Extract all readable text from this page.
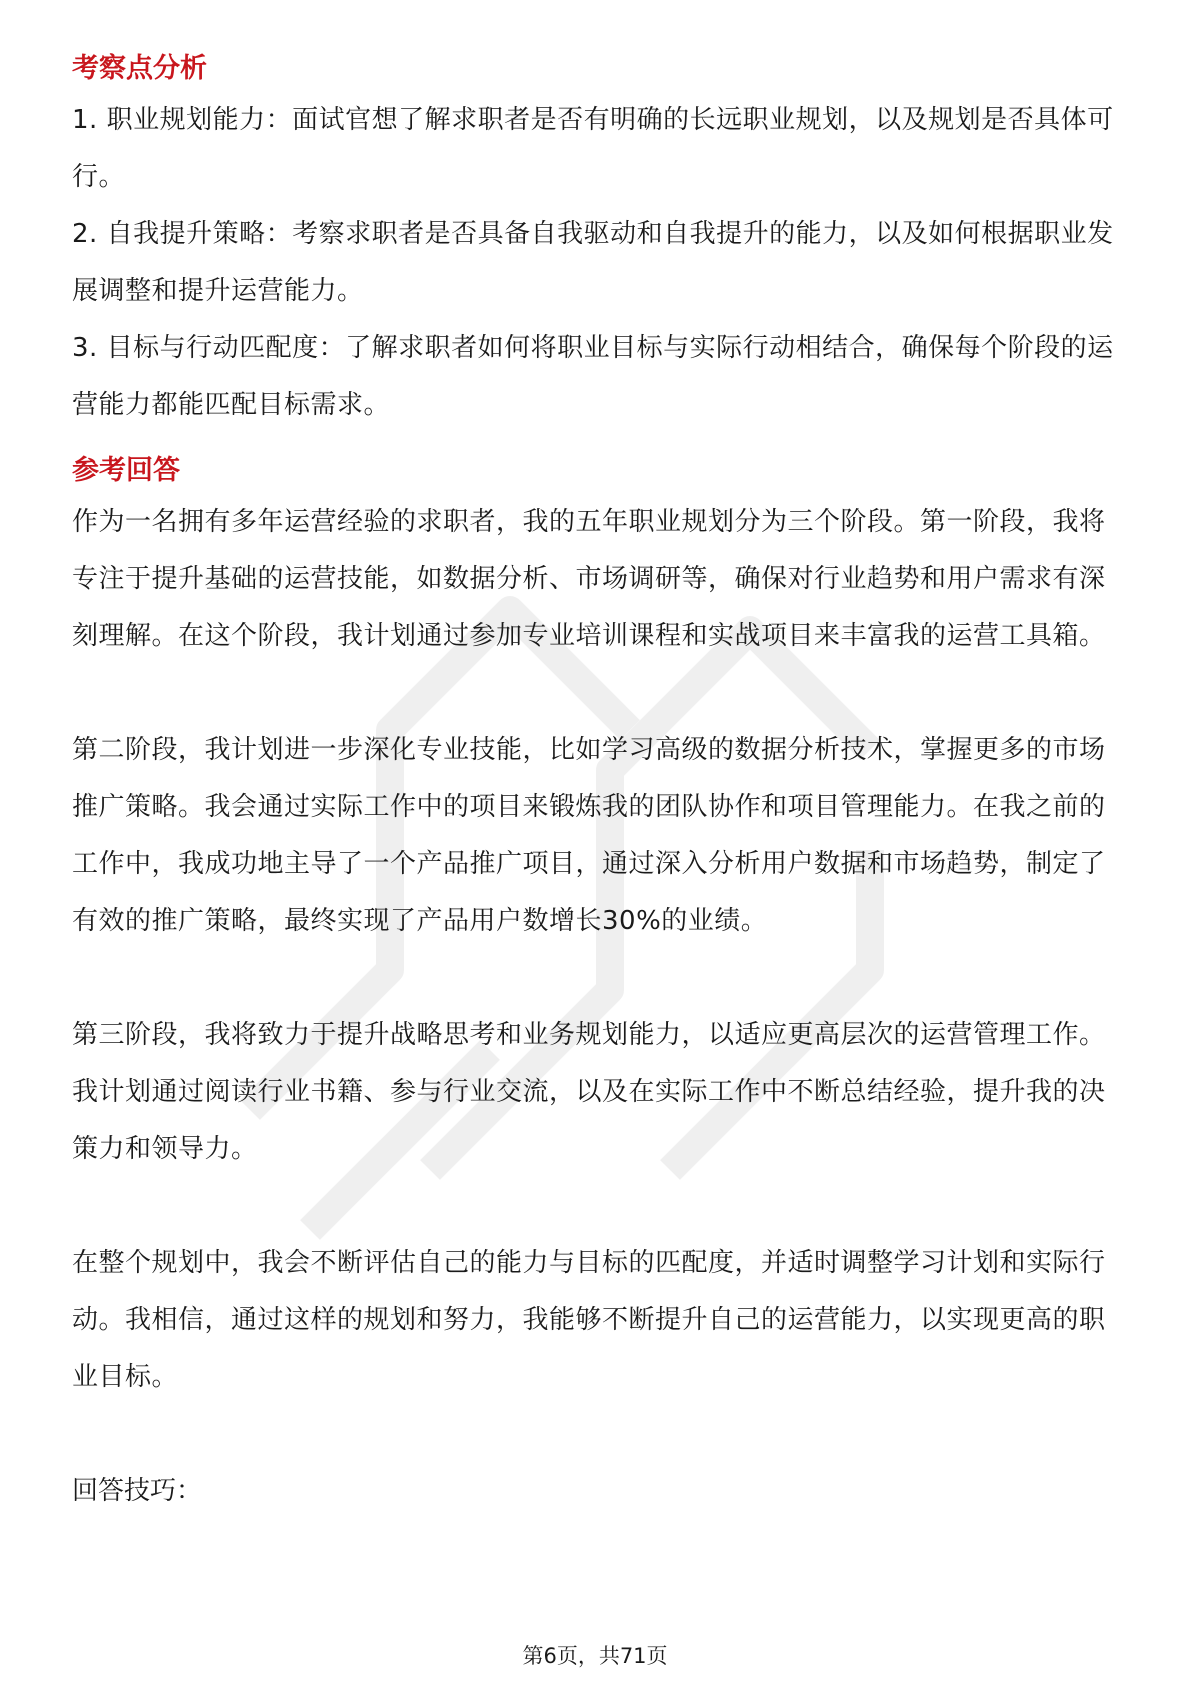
考察点分析

1. 职业规划能力：面试官想了解求职者是否有明确的长远职业规划，以及规划是否具体可行。

2. 自我提升策略：考察求职者是否具备自我驱动和自我提升的能力，以及如何根据职业发展调整和提升运营能力。

3. 目标与行动匹配度：了解求职者如何将职业目标与实际行动相结合，确保每个阶段的运营能力都能匹配目标需求。

参考回答

作为一名拥有多年运营经验的求职者，我的五年职业规划分为三个阶段。第一阶段，我将专注于提升基础的运营技能，如数据分析、市场调研等，确保对行业趋势和用户需求有深刻理解。在这个阶段，我计划通过参加专业培训课程和实战项目来丰富我的运营工具箱。

第二阶段，我计划进一步深化专业技能，比如学习高级的数据分析技术，掌握更多的市场推广策略。我会通过实际工作中的项目来锻炼我的团队协作和项目管理能力。在我之前的工作中，我成功地主导了一个产品推广项目，通过深入分析用户数据和市场趋势，制定了有效的推广策略，最终实现了产品用户数增长30%的业绩。

第三阶段，我将致力于提升战略思考和业务规划能力，以适应更高层次的运营管理工作。我计划通过阅读行业书籍、参与行业交流，以及在实际工作中不断总结经验，提升我的决策力和领导力。

在整个规划中，我会不断评估自己的能力与目标的匹配度，并适时调整学习计划和实际行动。我相信，通过这样的规划和努力，我能够不断提升自己的运营能力，以实现更高的职业目标。

回答技巧：

第6页，共71页
